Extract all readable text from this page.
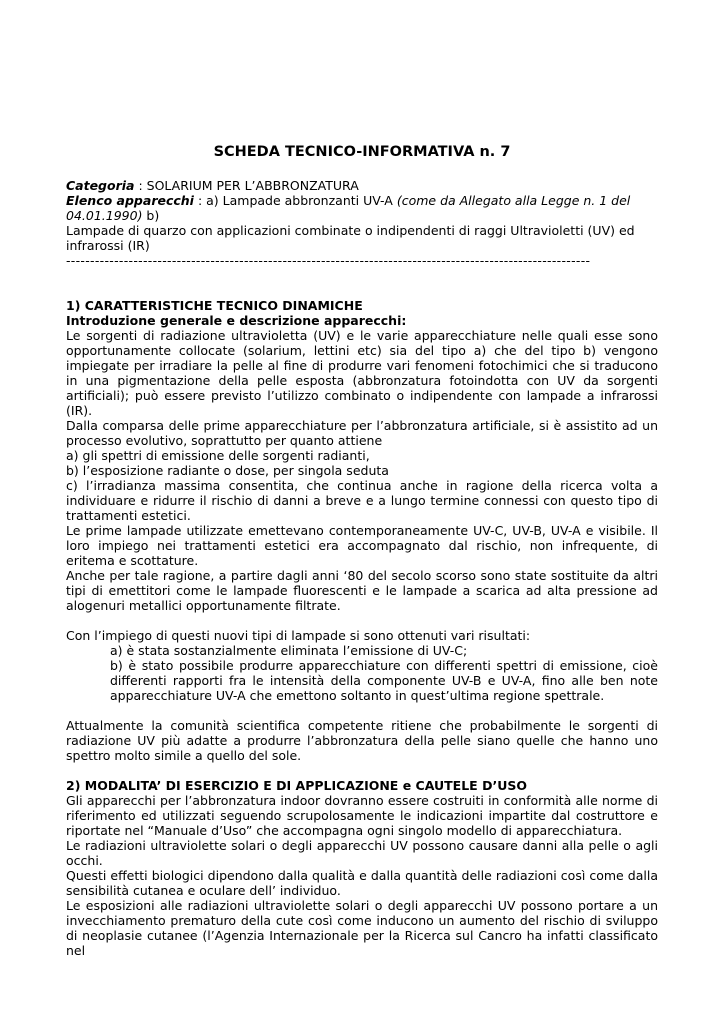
SCHEDA TECNICO-INFORMATIVA n. 7

Categoria : SOLARIUM PER L’ABBRONZATURA

Elenco apparecchi : a) Lampade abbronzanti UV-A (come da Allegato alla Legge n. 1 del 04.01.1990) b)

Lampade di quarzo con applicazioni combinate o indipendenti di raggi Ultravioletti (UV) ed infrarossi (IR)

-------------------------------------------------------------------------------------------------------------

1) CARATTERISTICHE TECNICO DINAMICHE

Introduzione generale e descrizione apparecchi:

Le sorgenti di radiazione ultravioletta (UV) e le varie apparecchiature nelle quali esse sono opportunamente collocate (solarium, lettini etc) sia del tipo a) che del tipo b) vengono impiegate per irradiare la pelle al fine di produrre vari fenomeni fotochimici che si traducono in una pigmentazione della pelle esposta (abbronzatura fotoindotta con UV da sorgenti artificiali); può essere previsto l’utilizzo combinato o indipendente con lampade a infrarossi (IR).

Dalla comparsa delle prime apparecchiature per l’abbronzatura artificiale, si è assistito ad un processo evolutivo, soprattutto per quanto attiene

a) gli spettri di emissione delle sorgenti radianti,

b) l’esposizione radiante o dose, per singola seduta

c) l’irradianza massima consentita, che continua anche in ragione della ricerca volta a individuare e ridurre il rischio di danni a breve e a lungo termine connessi con questo tipo di trattamenti estetici.

Le prime lampade utilizzate emettevano contemporaneamente UV-C, UV-B, UV-A e visibile. Il loro impiego nei trattamenti estetici era accompagnato dal rischio, non infrequente, di eritema e scottature.

Anche per tale ragione, a partire dagli anni ‘80 del secolo scorso sono state sostituite da altri tipi di emettitori come le lampade fluorescenti e le lampade a scarica ad alta pressione ad alogenuri metallici opportunamente filtrate.

Con l’impiego di questi nuovi tipi di lampade si sono ottenuti vari risultati:

a) è stata sostanzialmente eliminata l’emissione di UV-C;

b) è stato possibile produrre apparecchiature con differenti spettri di emissione, cioè differenti rapporti fra le intensità della componente UV-B e UV-A, fino alle ben note apparecchiature UV-A che emettono soltanto in quest’ultima regione spettrale.

Attualmente la comunità scientifica competente ritiene che probabilmente le sorgenti di radiazione UV più adatte a produrre l’abbronzatura della pelle siano quelle che hanno uno spettro molto simile a quello del sole.

2) MODALITA’ DI ESERCIZIO E DI APPLICAZIONE e CAUTELE D’USO

Gli apparecchi per l’abbronzatura indoor dovranno essere costruiti in conformità alle norme di riferimento ed utilizzati seguendo scrupolosamente le indicazioni impartite dal costruttore e riportate nel “Manuale d’Uso” che accompagna ogni singolo modello di apparecchiatura.

Le radiazioni ultraviolette solari o degli apparecchi UV possono causare danni alla pelle o agli occhi.

Questi effetti biologici dipendono dalla qualità e dalla quantità delle radiazioni così come dalla sensibilità cutanea e oculare dell’ individuo.

Le esposizioni alle radiazioni ultraviolette solari o degli apparecchi UV possono portare a un invecchiamento prematuro della cute così come inducono un aumento del rischio di sviluppo di neoplasie cutanee (l’Agenzia Internazionale per la Ricerca sul Cancro ha infatti classificato nel
